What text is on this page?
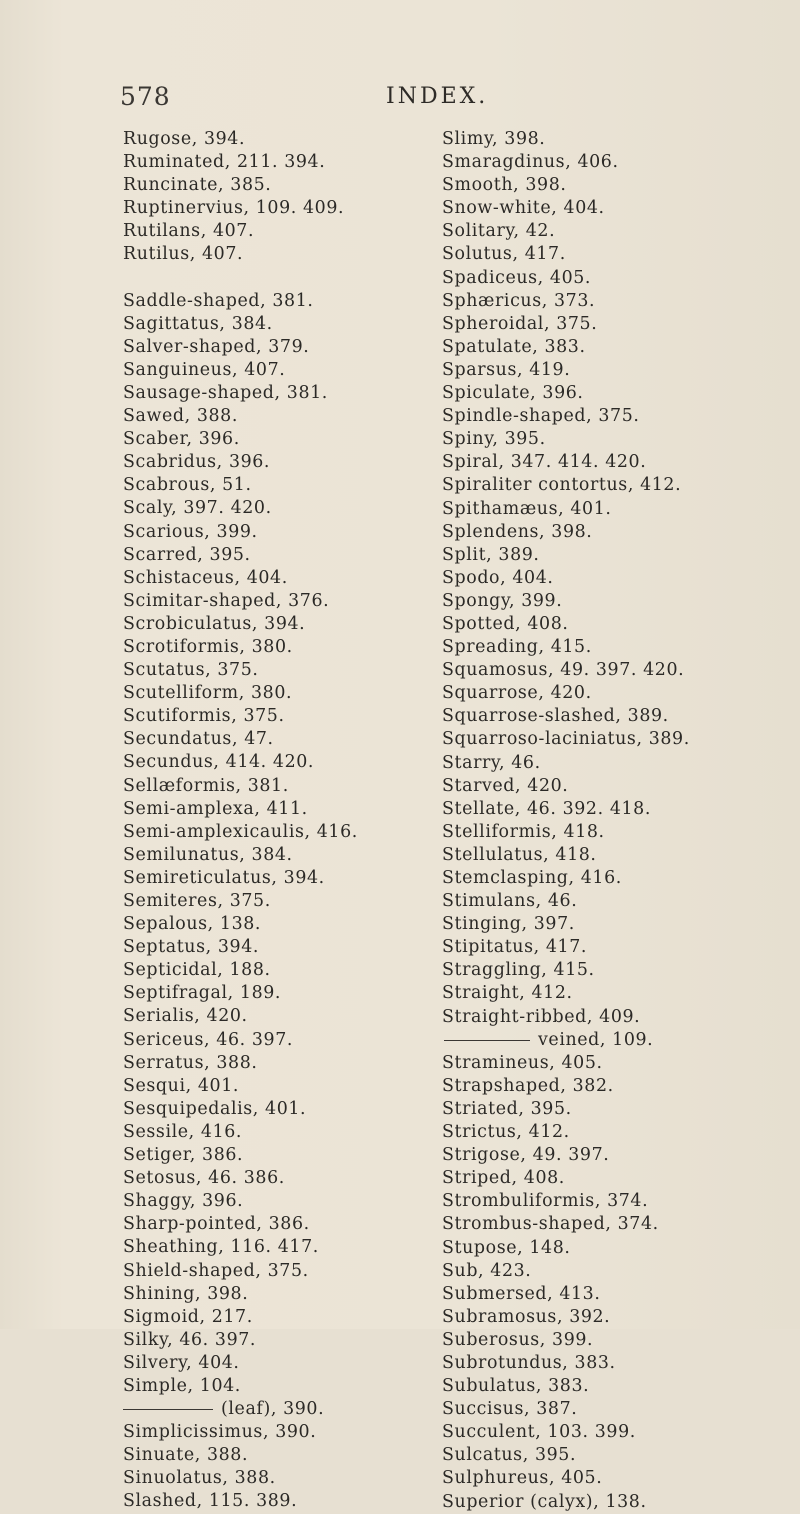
578	INDEX.
Rugose, 394.
Ruminated, 211. 394.
Runcinate, 385.
Ruptinervius, 109. 409.
Rutilans, 407.
Rutilus, 407.
Saddle-shaped, 381.
Sagittatus, 384.
Salver-shaped, 379.
Sanguineus, 407.
Sausage-shaped, 381.
Sawed, 388.
Scaber, 396.
Scabridus, 396.
Scabrous, 51.
Scaly, 397. 420.
Scarious, 399.
Scarred, 395.
Schistaceus, 404.
Scimitar-shaped, 376.
Scrobiculatus, 394.
Scrotiformis, 380.
Scutatus, 375.
Scutelliform, 380.
Scutiformis, 375.
Secundatus, 47.
Secundus, 414. 420.
Sellæformis, 381.
Semi-amplexa, 411.
Semi-amplexicaulis, 416.
Semilunatus, 384.
Semireticulatus, 394.
Semiteres, 375.
Sepalous, 138.
Septatus, 394.
Septicidal, 188.
Septifragal, 189.
Serialis, 420.
Sericeus, 46. 397.
Serratus, 388.
Sesqui, 401.
Sesquipedalis, 401.
Sessile, 416.
Setiger, 386.
Setosus, 46. 386.
Shaggy, 396.
Sharp-pointed, 386.
Sheathing, 116. 417.
Shield-shaped, 375.
Shining, 398.
Sigmoid, 217.
Silky, 46. 397.
Silvery, 404.
Simple, 104.
(leaf), 390.
Simplicissimus, 390.
Sinuate, 388.
Sinuolatus, 388.
Slashed, 115. 389.
Slimy, 398.
Smaragdinus, 406.
Smooth, 398.
Snow-white, 404.
Solitary, 42.
Solutus, 417.
Spadiceus, 405.
Sphæricus, 373.
Spheroidal, 375.
Spatulate, 383.
Sparsus, 419.
Spiculate, 396.
Spindle-shaped, 375.
Spiny, 395.
Spiral, 347. 414. 420.
Spiraliter contortus, 412.
Spithamæus, 401.
Splendens, 398.
Split, 389.
Spodo, 404.
Spongy, 399.
Spotted, 408.
Spreading, 415.
Squamosus, 49. 397. 420.
Squarrose, 420.
Squarrose-slashed, 389.
Squarroso-laciniatus, 389.
Starry, 46.
Starved, 420.
Stellate, 46. 392. 418.
Stelliformis, 418.
Stellulatus, 418.
Stemclasping, 416.
Stimulans, 46.
Stinging, 397.
Stipitatus, 417.
Straggling, 415.
Straight, 412.
Straight-ribbed, 409.
veined, 109.
Stramineus, 405.
Strapshaped, 382.
Striated, 395.
Strictus, 412.
Strigose, 49. 397.
Striped, 408.
Strombuliformis, 374.
Strombus-shaped, 374.
Stupose, 148.
Sub, 423.
Submersed, 413.
Subramosus, 392.
Suberosus, 399.
Subrotundus, 383.
Subulatus, 383.
Succisus, 387.
Succulent, 103. 399.
Sulcatus, 395.
Sulphureus, 405.
Superior (calyx), 138.
